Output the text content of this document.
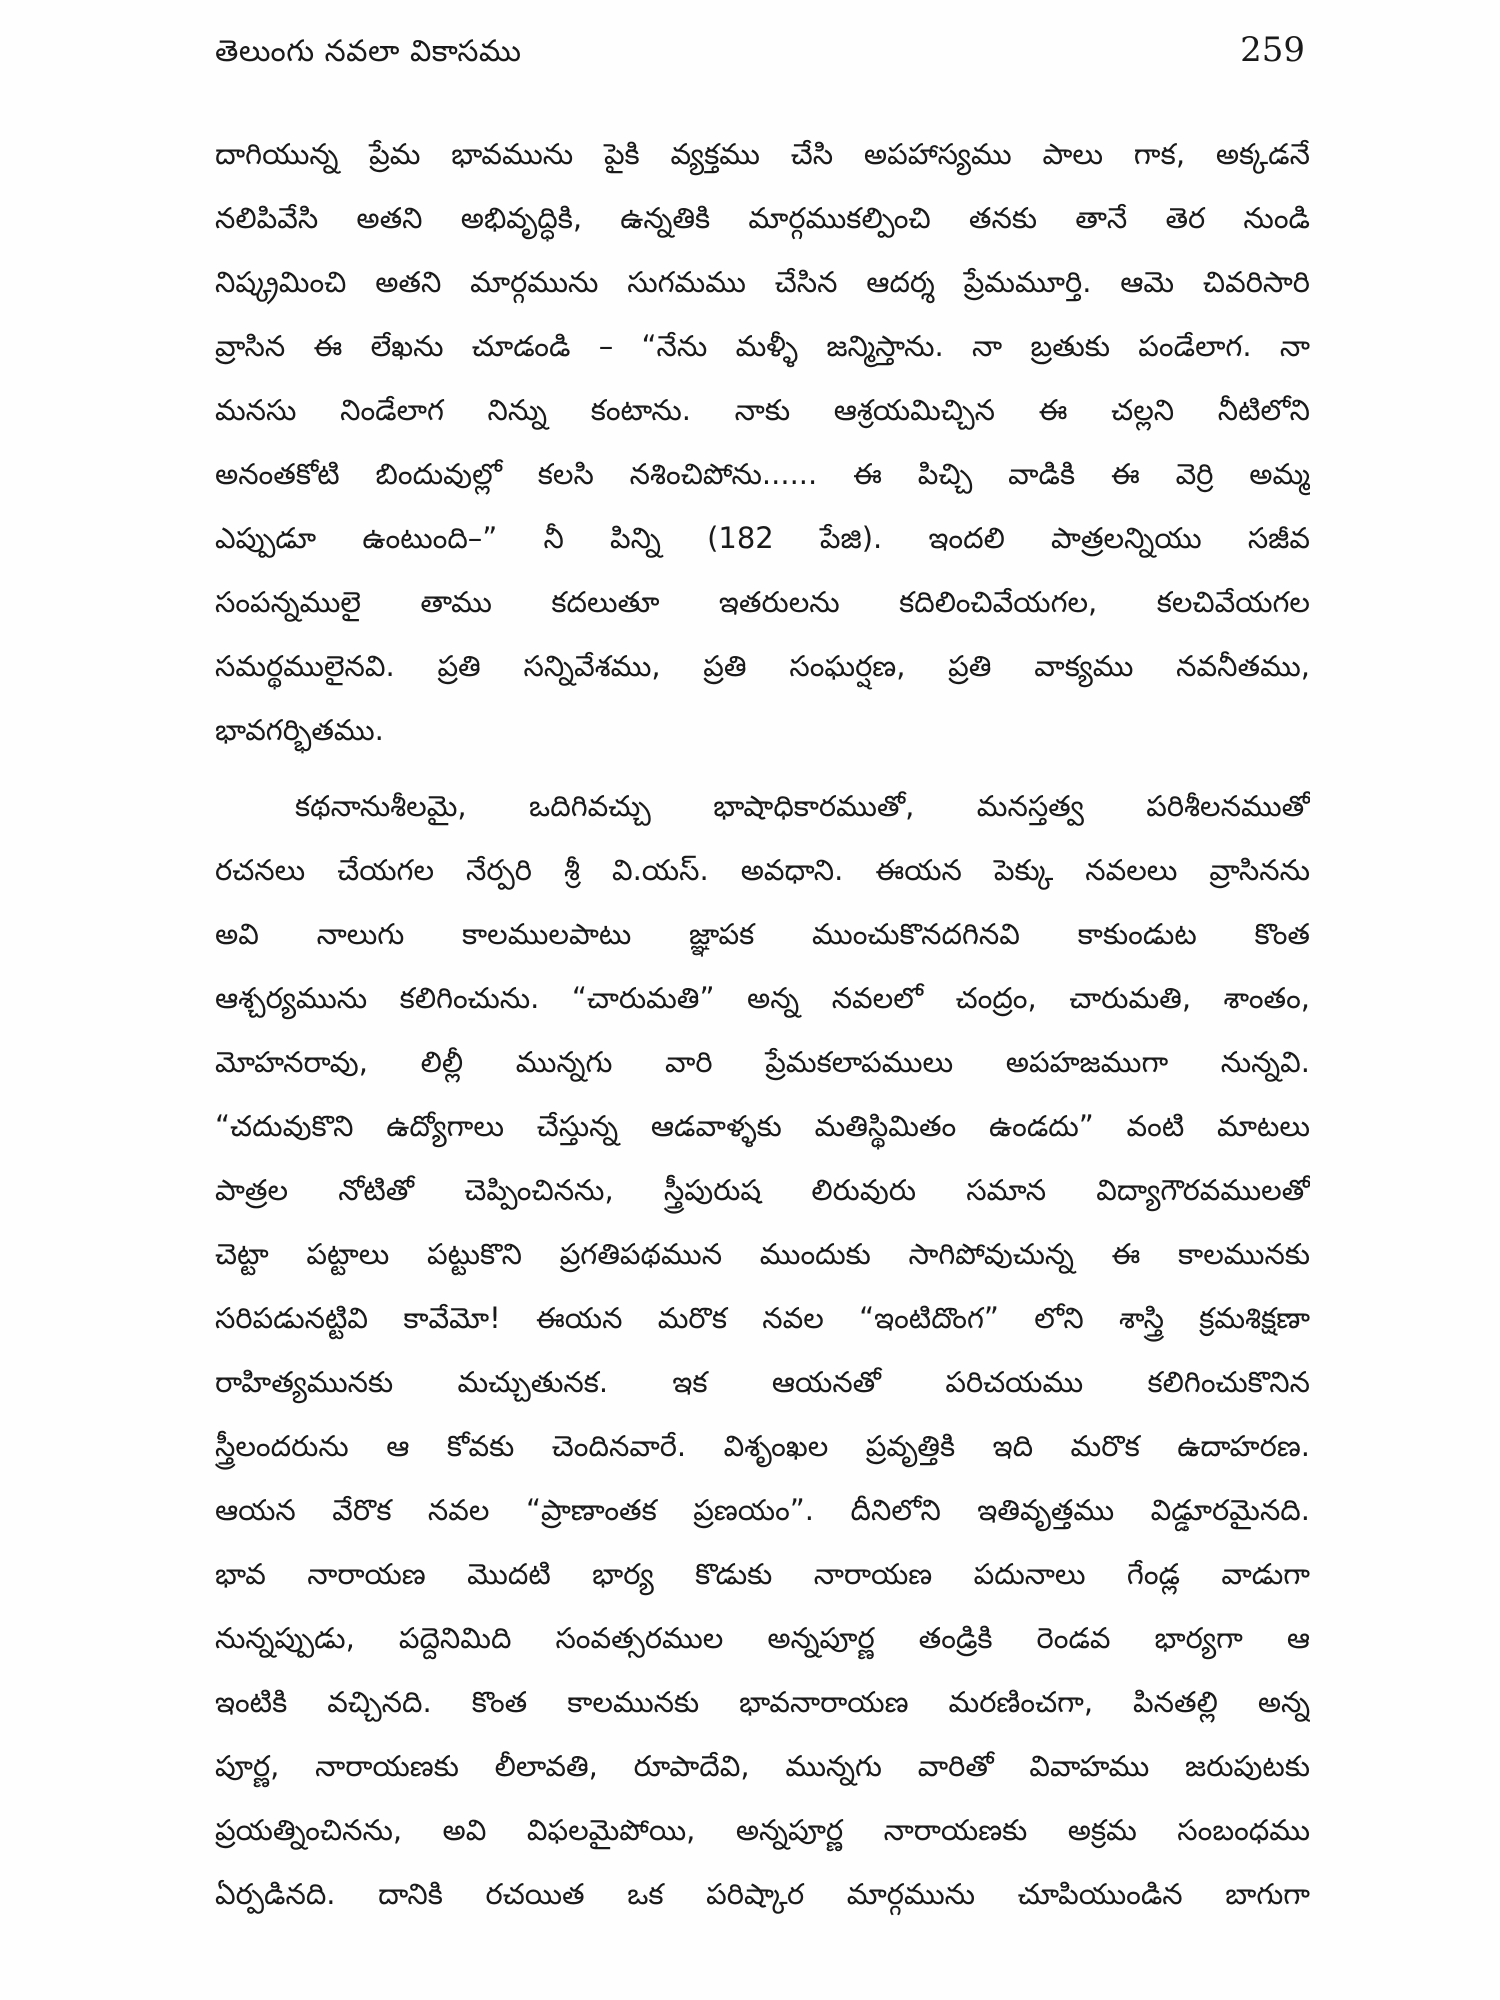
తెలుంగు నవలా వికాసము	259
దాగియున్న ప్రేమ భావమును పైకి వ్యక్తము చేసి అపహాస్యము పాలు గాక, అక్కడనే
నలిపివేసి అతని అభివృద్ధికి, ఉన్నతికి మార్గముకల్పించి తనకు తానే తెర నుండి
నిష్క్రమించి అతని మార్గమును సుగమము చేసిన ఆదర్శ ప్రేమమూర్తి. ఆమె చివరిసారి
వ్రాసిన ఈ లేఖను చూడండి – “నేను మళ్ళీ జన్మిస్తాను. నా బ్రతుకు పండేలాగ. నా
మనసు నిండేలాగ నిన్ను కంటాను. నాకు ఆశ్రయమిచ్చిన ఈ చల్లని నీటిలోని
అనంతకోటి బిందువుల్లో కలసి నశించిపోను...... ఈ పిచ్చి వాడికి ఈ వెర్రి అమ్మ
ఎప్పుడూ ఉంటుంది–” నీ పిన్ని (182 పేజి). ఇందలి పాత్రలన్నియు సజీవ
సంపన్నములై తాము కదలుతూ ఇతరులను కదిలించివేయగల, కలచివేయగల
సమర్థములైనవి. ప్రతి సన్నివేశము, ప్రతి సంఘర్షణ, ప్రతి వాక్యము నవనీతము,
భావగర్భితము.
కథనానుశీలమై, ఒదిగివచ్చు భాషాధికారముతో, మనస్తత్వ పరిశీలనముతో
రచనలు చేయగల నేర్పరి శ్రీ వి.యస్. అవధాని. ఈయన పెక్కు నవలలు వ్రాసినను
అవి నాలుగు కాలములపాటు జ్ఞాపక ముంచుకొనదగినవి కాకుండుట కొంత
ఆశ్చర్యమును కలిగించును. “చారుమతి” అన్న నవలలో చంద్రం, చారుమతి, శాంతం,
మోహనరావు, లిల్లీ మున్నగు వారి ప్రేమకలాపములు అపహజముగా నున్నవి.
“చదువుకొని ఉద్యోగాలు చేస్తున్న ఆడవాళ్ళకు మతిస్థిమితం ఉండదు” వంటి మాటలు
పాత్రల నోటితో చెప్పించినను, స్త్రీపురుష లిరువురు సమాన విద్యాగౌరవములతో
చెట్టా పట్టాలు పట్టుకొని ప్రగతిపథమున ముందుకు సాగిపోవుచున్న ఈ కాలమునకు
సరిపడునట్టివి కావేమో! ఈయన మరొక నవల “ఇంటిదొంగ” లోని శాస్త్రి క్రమశిక్షణా
రాహిత్యమునకు మచ్చుతునక. ఇక ఆయనతో పరిచయము కలిగించుకొనిన
స్త్రీలందరును ఆ కోవకు చెందినవారే. విశృంఖల ప్రవృత్తికి ఇది మరొక ఉదాహరణ.
ఆయన వేరొక నవల “ప్రాణాంతక ప్రణయం”. దీనిలోని ఇతివృత్తము విడ్డూరమైనది.
భావ నారాయణ మొదటి భార్య కొడుకు నారాయణ పదునాలు గేండ్ల వాడుగా
నున్నప్పుడు, పద్దెనిమిది సంవత్సరముల అన్నపూర్ణ తండ్రికి రెండవ భార్యగా ఆ
ఇంటికి వచ్చినది. కొంత కాలమునకు భావనారాయణ మరణించగా, పినతల్లి అన్న
పూర్ణ, నారాయణకు లీలావతి, రూపాదేవి, మున్నగు వారితో వివాహము జరుపుటకు
ప్రయత్నించినను, అవి విఫలమైపోయి, అన్నపూర్ణ నారాయణకు అక్రమ సంబంధము
ఏర్పడినది. దానికి రచయిత ఒక పరిష్కార మార్గమును చూపియుండిన బాగుగా
